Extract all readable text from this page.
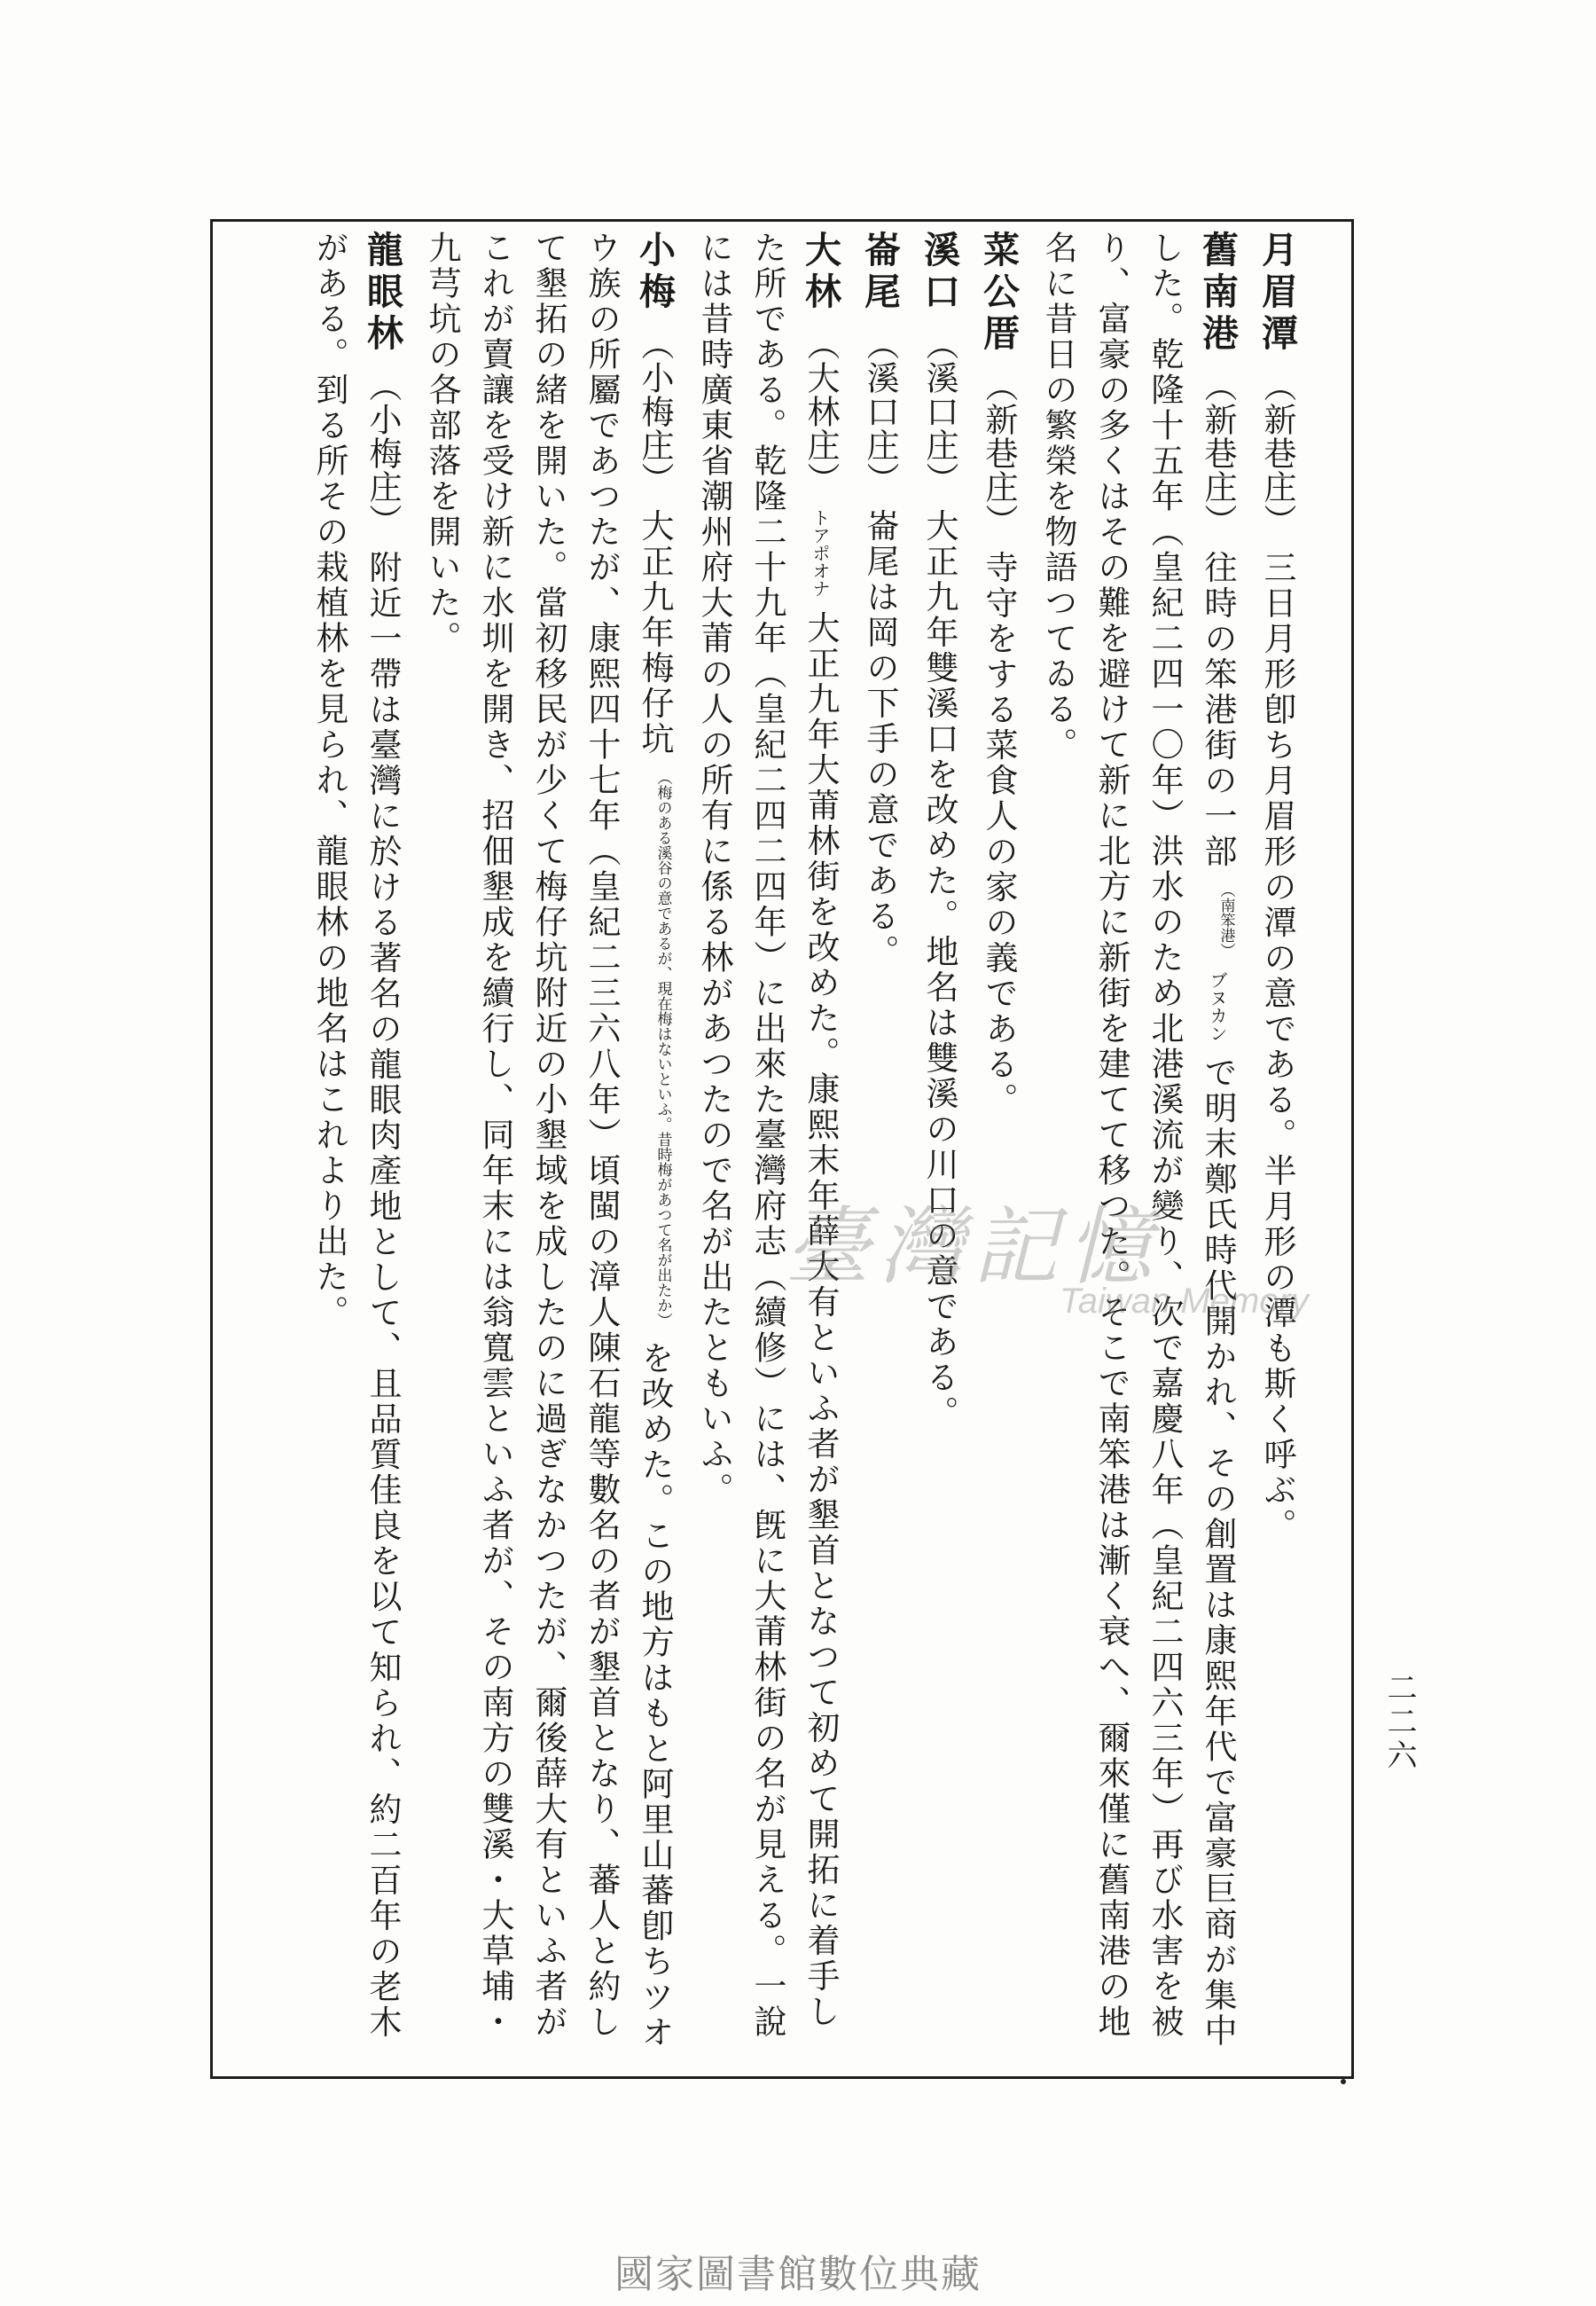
二二六

月眉潭 （新巷庄） 三日月形卽ち月眉形の潭の意である。半月形の潭も斯く呼ぶ。

舊南港 （新巷庄） 往時の笨港街の一部 （南笨港） ブヌカン で明末鄭氏時代開かれ、その創置は康熙年代で富豪巨商が集中した。乾隆十五年（皇紀二四一〇年）洪水のため北港溪流が變り、次で嘉慶八年（皇紀二四六三年）再び水害を被り、富豪の多くはその難を避けて新に北方に新街を建てて移つた。そこで南笨港は漸く衰へ、爾來僅に舊南港の地名に昔日の繁榮を物語つてゐる。

菜公厝 （新巷庄） 寺守をする菜食人の家の義である。

溪口 （溪口庄） 大正九年雙溪口を改めた。地名は雙溪の川口の意である。

崙尾 （溪口庄） 崙尾は岡の下手の意である。

大林 （大林庄） トアポオナ 大正九年大莆林街を改めた。康熙末年薛大有といふ者が墾首となつて初めて開拓に着手した所である。乾隆二十九年（皇紀二四二四年）に出來た臺灣府志（續修）には、旣に大莆林街の名が見える。一說には昔時廣東省潮州府大莆の人の所有に係る林があつたので名が出たともいふ。

小梅 （小梅庄） 大正九年梅仔坑 （梅のある溪谷の意であるが、現在梅はないといふ。昔時梅があつて名が出たか） を改めた。この地方はもと阿里山蕃卽ちツオウ族の所屬であつたが、康熙四十七年（皇紀二三六八年）頃閩の漳人陳石龍等數名の者が墾首となり、蕃人と約して墾拓の緒を開いた。當初移民が少くて梅仔坑附近の小墾域を成したのに過ぎなかつたが、爾後薛大有といふ者がこれが賣讓を受け新に水圳を開き、招佃墾成を續行し、同年末には翁寬雲といふ者が、その南方の雙溪・大草埔・九芎坑の各部落を開いた。

龍眼林 （小梅庄） 附近一帶は臺灣に於ける著名の龍眼肉產地として、且品質佳良を以て知られ、約二百年の老木がある。到る所その栽植林を見られ、龍眼林の地名はこれより出た。	臺灣記憶
Taiwan Memory
國家圖書館數位典藏
